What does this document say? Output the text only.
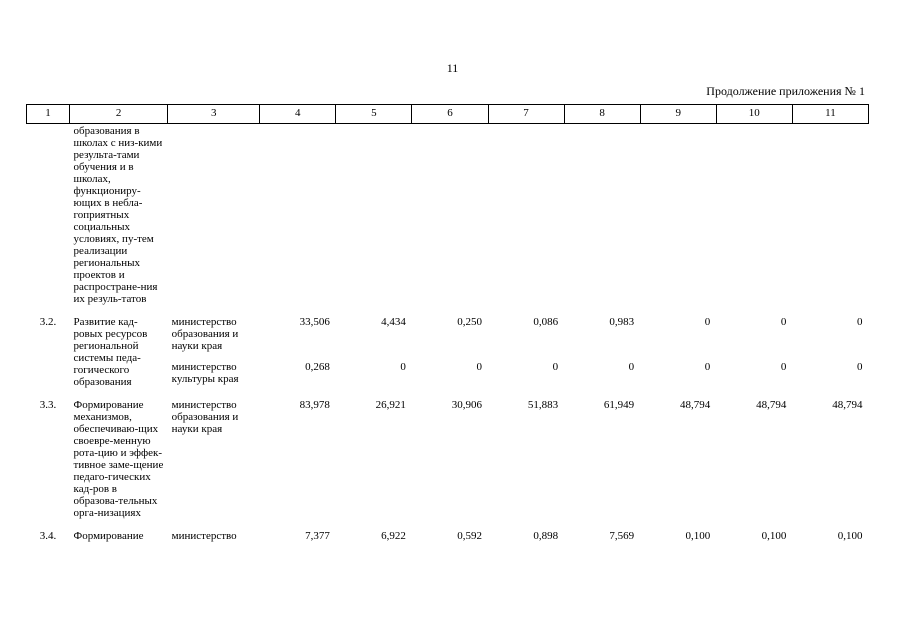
11
Продолжение приложения № 1
1	2	3	4	5	6	7	8	9	10	11
	образования в школах с низ-кими результа-тами обучения и в школах, функциониру-ющих в небла-гоприятных социальных условиях, пу-тем реализации региональных проектов и распростране-ния их резуль-татов									
3.2.	Развитие кад-ровых ресурсов региональной системы педа-гогического образования	министерство образования и науки края	33,506	4,434	0,250	0,086	0,983	0	0	0
		министерство культуры края	0,268	0	0	0	0	0	0	0
3.3.	Формирование механизмов, обеспечиваю-щих своевре-менную рота-цию и эффек-тивное заме-щение педаго-гических кад-ров в образова-тельных орга-низациях	министерство образования и науки края	83,978	26,921	30,906	51,883	61,949	48,794	48,794	48,794
3.4.	Формирование	министерство	7,377	6,922	0,592	0,898	7,569	0,100	0,100	0,100
